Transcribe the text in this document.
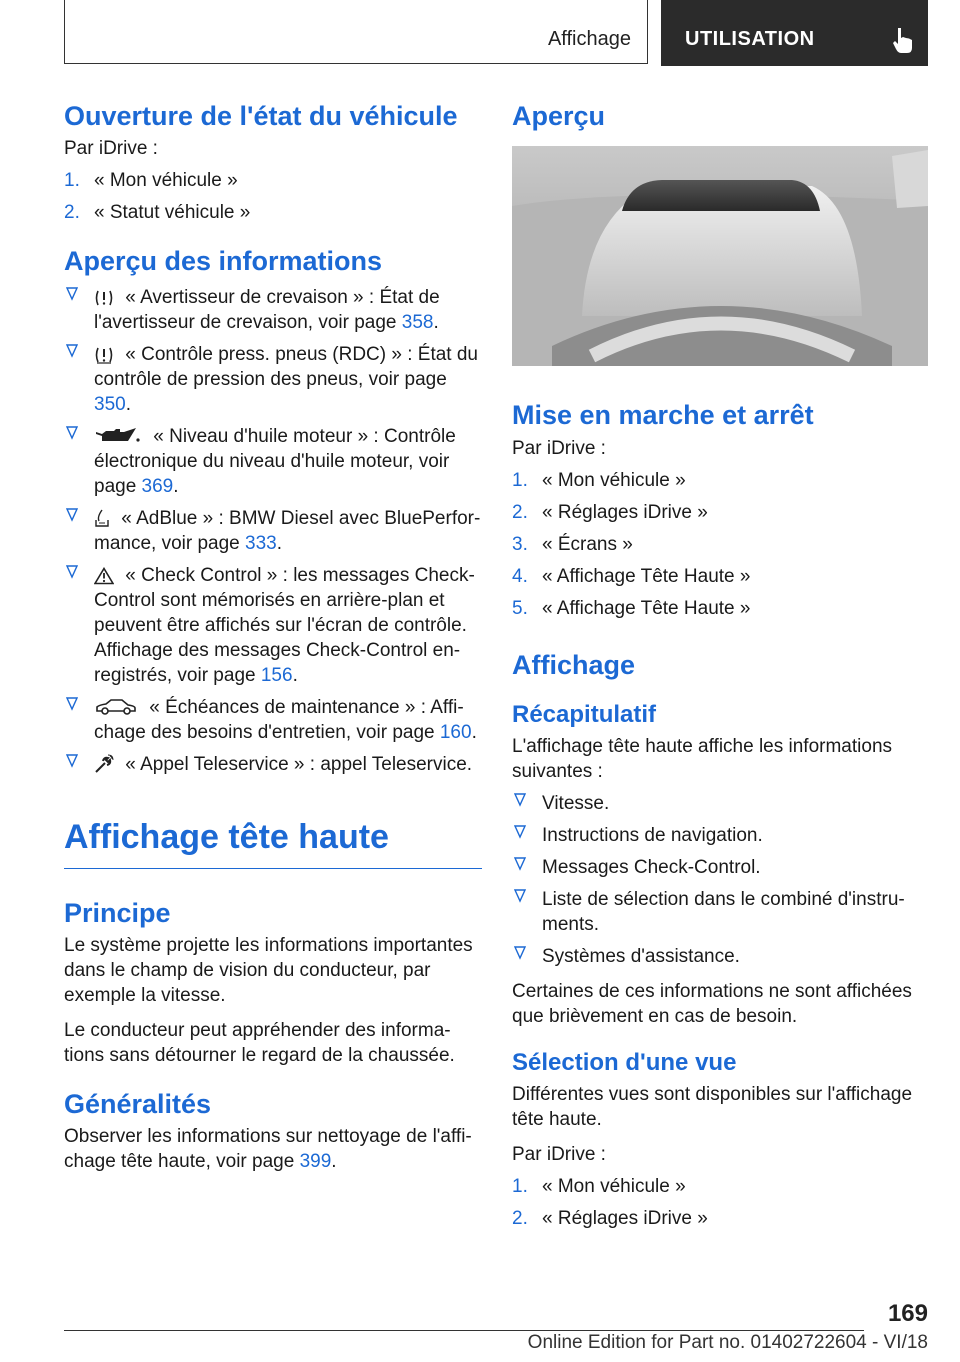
Affichage	UTILISATION
Ouverture de l'état du véhicule

Par iDrive :

1. « Mon véhicule »
2. « Statut véhicule »
Aperçu des informations
« Avertisseur de crevaison » : État de l'avertisseur de crevaison, voir page 358.
« Contrôle press. pneus (RDC) » : État du contrôle de pression des pneus, voir page 350.
« Niveau d'huile moteur » : Contrôle électronique du niveau d'huile moteur, voir page 369.
« AdBlue » : BMW Diesel avec BluePerformance, voir page 333.
« Check Control » : les messages Check-Control sont mémorisés en arrière-plan et peuvent être affichés sur l'écran de contrôle. Affichage des messages Check-Control enregistrés, voir page 156.
« Échéances de maintenance » : Affichage des besoins d'entretien, voir page 160.
« Appel Teleservice » : appel Teleservice.
Affichage tête haute
Principe

Le système projette les informations importantes dans le champ de vision du conducteur, par exemple la vitesse.

Le conducteur peut appréhender des informations sans détourner le regard de la chaussée.

Généralités

Observer les informations sur nettoyage de l'affichage tête haute, voir page 399.

Aperçu
Mise en marche et arrêt

Par iDrive :

1. « Mon véhicule »
2. « Réglages iDrive »
3. « Écrans »
4. « Affichage Tête Haute »
5. « Affichage Tête Haute »
Affichage
Récapitulatif

L'affichage tête haute affiche les informations suivantes :

Vitesse.
Instructions de navigation.
Messages Check-Control.
Liste de sélection dans le combiné d'instruments.
Systèmes d'assistance.

Certaines de ces informations ne sont affichées que brièvement en cas de besoin.

Sélection d'une vue

Différentes vues sont disponibles sur l'affichage tête haute.

Par iDrive :

1. « Mon véhicule »
2. « Réglages iDrive »
169
Online Edition for Part no. 01402722604 - VI/18
